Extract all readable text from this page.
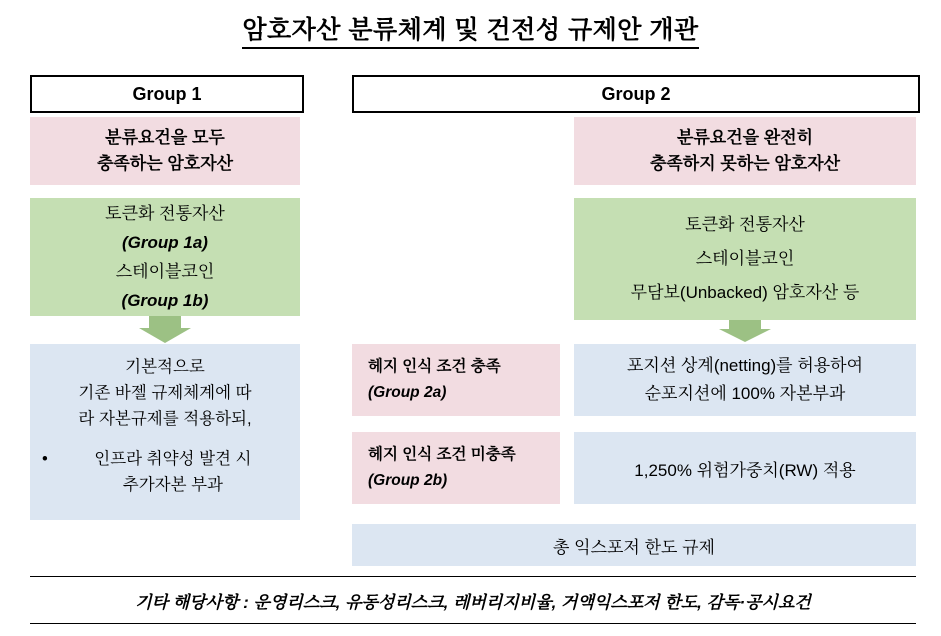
암호자산 분류체계 및 건전성 규제안 개관
Group 1	Group 2
분류요건을 모두
충족하는 암호자산
분류요건을 완전히
충족하지 못하는 암호자산
토큰화 전통자산
(Group 1a)
스테이블코인
(Group 1b)
토큰화 전통자산
스테이블코인
무담보(Unbacked) 암호자산 등
기본적으로
기존 바젤 규제체계에 따
라 자본규제를 적용하되,
•	인프라 취약성 발견 시
추가자본 부과
헤지 인식 조건 충족
(Group 2a)
헤지 인식 조건 미충족
(Group 2b)
포지션 상계(netting)를 허용하여
순포지션에 100% 자본부과
1,250% 위험가중치(RW) 적용
총 익스포저 한도 규제
기타 해당사항 : 운영리스크, 유동성리스크, 레버리지비율, 거액익스포저 한도, 감독·공시요건
